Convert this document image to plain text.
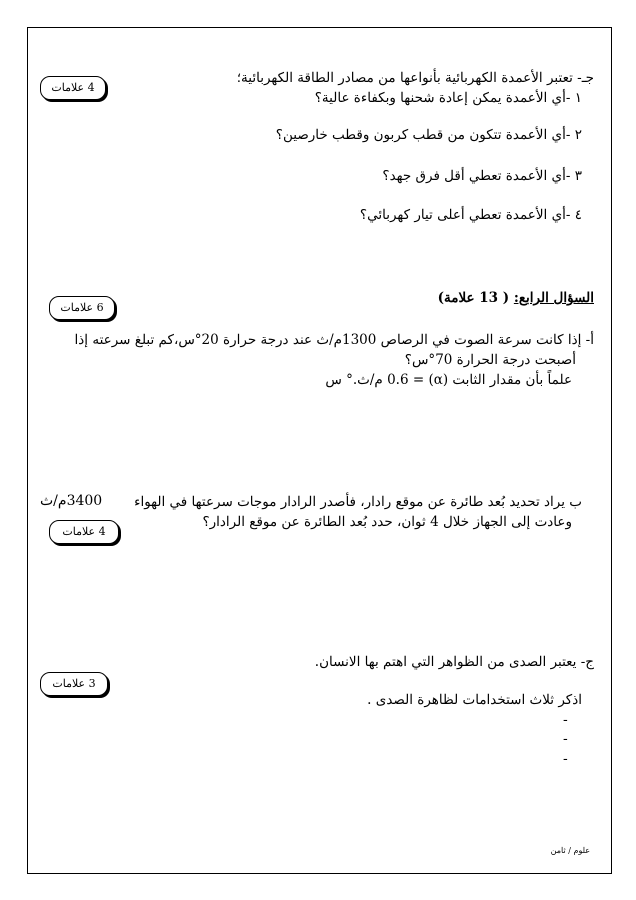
جـ- تعتبر الأعمدة الكهربائية بأنواعها من مصادر الطاقة الكهربائية؛
4 علامات
١ -أي الأعمدة يمكن إعادة شحنها وبكفاءة عالية؟
٢ -أي الأعمدة تتكون من قطب كربون وقطب خارصين؟
٣ -أي الأعمدة تعطي أقل فرق جهد؟
٤ -أي الأعمدة تعطي أعلى تيار كهربائي؟
السؤال الرابع: ( 13 علامة)
6 علامات
أ- إذا كانت سرعة الصوت في الرصاص 1300م/ث عند درجة حرارة 20°س،كم تبلغ سرعته إذا
أصبحت درجة الحرارة 70°س؟
علماً بأن مقدار الثابت (α) = 0.6 م/ث.° س
ب يراد تحديد بُعد طائرة عن موقع رادار، فأصدر الرادار موجات سرعتها في الهواء
3400م/ث
وعادت إلى الجهاز خلال 4 ثوان، حدد بُعد الطائرة عن موقع الرادار؟
4 علامات
ج- يعتبر الصدى من الظواهر التي اهتم بها الانسان.
3 علامات
اذكر ثلاث استخدامات لظاهرة الصدى .
-
-
-
علوم / ثامن
